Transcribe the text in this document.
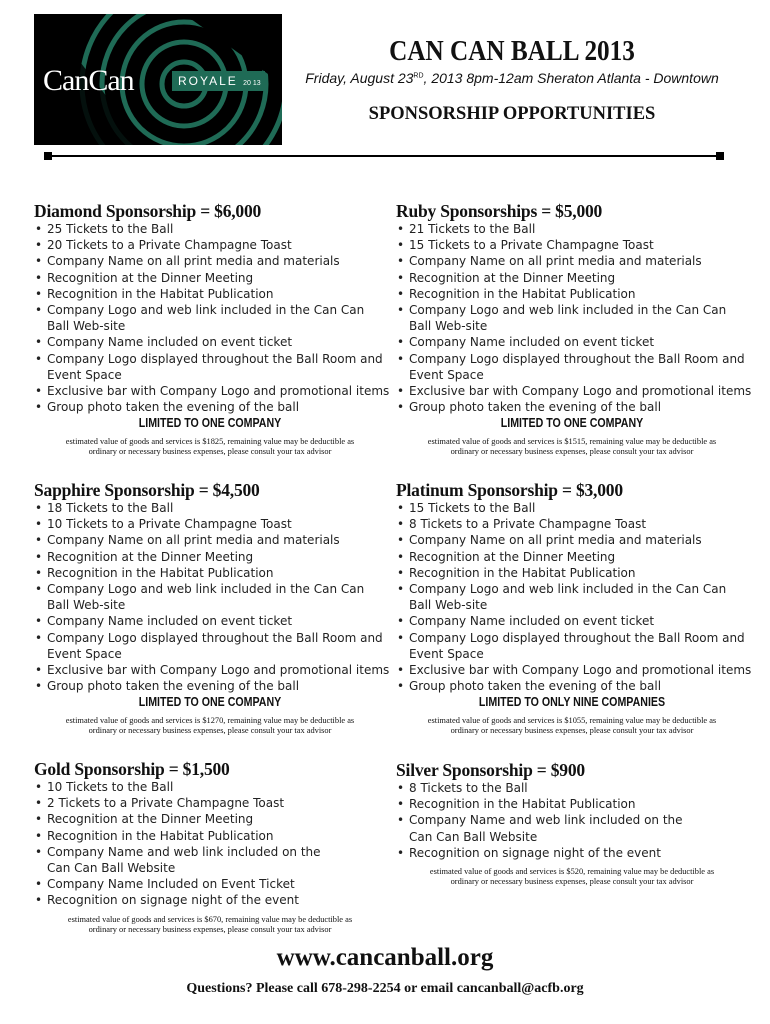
CanCan	ROYALE 20 13
CAN CAN BALL 2013
Friday, August 23RD, 2013 8pm-12am Sheraton Atlanta - Downtown
SPONSORSHIP OPPORTUNITIES
Diamond Sponsorship = $6,000
• 25 Tickets to the Ball
• 20 Tickets to a Private Champagne Toast
• Company Name on all print media and materials
• Recognition at the Dinner Meeting
• Recognition in the Habitat Publication
• Company Logo and web link included in the Can Can
Ball Web-site
• Company Name included on event ticket
• Company Logo displayed throughout the Ball Room and
Event Space
• Exclusive bar with Company Logo and promotional items
• Group photo taken the evening of the ball
LIMITED TO ONE COMPANY
estimated value of goods and services is $1825, remaining value may be deductible as
ordinary or necessary business expenses, please consult your tax advisor
Ruby Sponsorships = $5,000
• 21 Tickets to the Ball
• 15 Tickets to a Private Champagne Toast
• Company Name on all print media and materials
• Recognition at the Dinner Meeting
• Recognition in the Habitat Publication
• Company Logo and web link included in the Can Can
Ball Web-site
• Company Name included on event ticket
• Company Logo displayed throughout the Ball Room and
Event Space
• Exclusive bar with Company Logo and promotional items
• Group photo taken the evening of the ball
LIMITED TO ONE COMPANY
estimated value of goods and services is $1515, remaining value may be deductible as
ordinary or necessary business expenses, please consult your tax advisor
Sapphire Sponsorship = $4,500
• 18 Tickets to the Ball
• 10 Tickets to a Private Champagne Toast
• Company Name on all print media and materials
• Recognition at the Dinner Meeting
• Recognition in the Habitat Publication
• Company Logo and web link included in the Can Can
Ball Web-site
• Company Name included on event ticket
• Company Logo displayed throughout the Ball Room and
Event Space
• Exclusive bar with Company Logo and promotional items
• Group photo taken the evening of the ball
LIMITED TO ONE COMPANY
estimated value of goods and services is $1270, remaining value may be deductible as
ordinary or necessary business expenses, please consult your tax advisor
Platinum Sponsorship = $3,000
• 15 Tickets to the Ball
• 8 Tickets to a Private Champagne Toast
• Company Name on all print media and materials
• Recognition at the Dinner Meeting
• Recognition in the Habitat Publication
• Company Logo and web link included in the Can Can
Ball Web-site
• Company Name included on event ticket
• Company Logo displayed throughout the Ball Room and
Event Space
• Exclusive bar with Company Logo and promotional items
• Group photo taken the evening of the ball
LIMITED TO ONLY NINE COMPANIES
estimated value of goods and services is $1055, remaining value may be deductible as
ordinary or necessary business expenses, please consult your tax advisor
Gold Sponsorship = $1,500
• 10 Tickets to the Ball
• 2 Tickets to a Private Champagne Toast
• Recognition at the Dinner Meeting
• Recognition in the Habitat Publication
• Company Name and web link included on the
Can Can Ball Website
• Company Name Included on Event Ticket
• Recognition on signage night of the event
estimated value of goods and services is $670, remaining value may be deductible as
ordinary or necessary business expenses, please consult your tax advisor
Silver Sponsorship = $900
• 8 Tickets to the Ball
• Recognition in the Habitat Publication
• Company Name and web link included on the
Can Can Ball Website
• Recognition on signage night of the event
estimated value of goods and services is $520, remaining value may be deductible as
ordinary or necessary business expenses, please consult your tax advisor
www.cancanball.org
Questions? Please call 678-298-2254 or email cancanball@acfb.org
